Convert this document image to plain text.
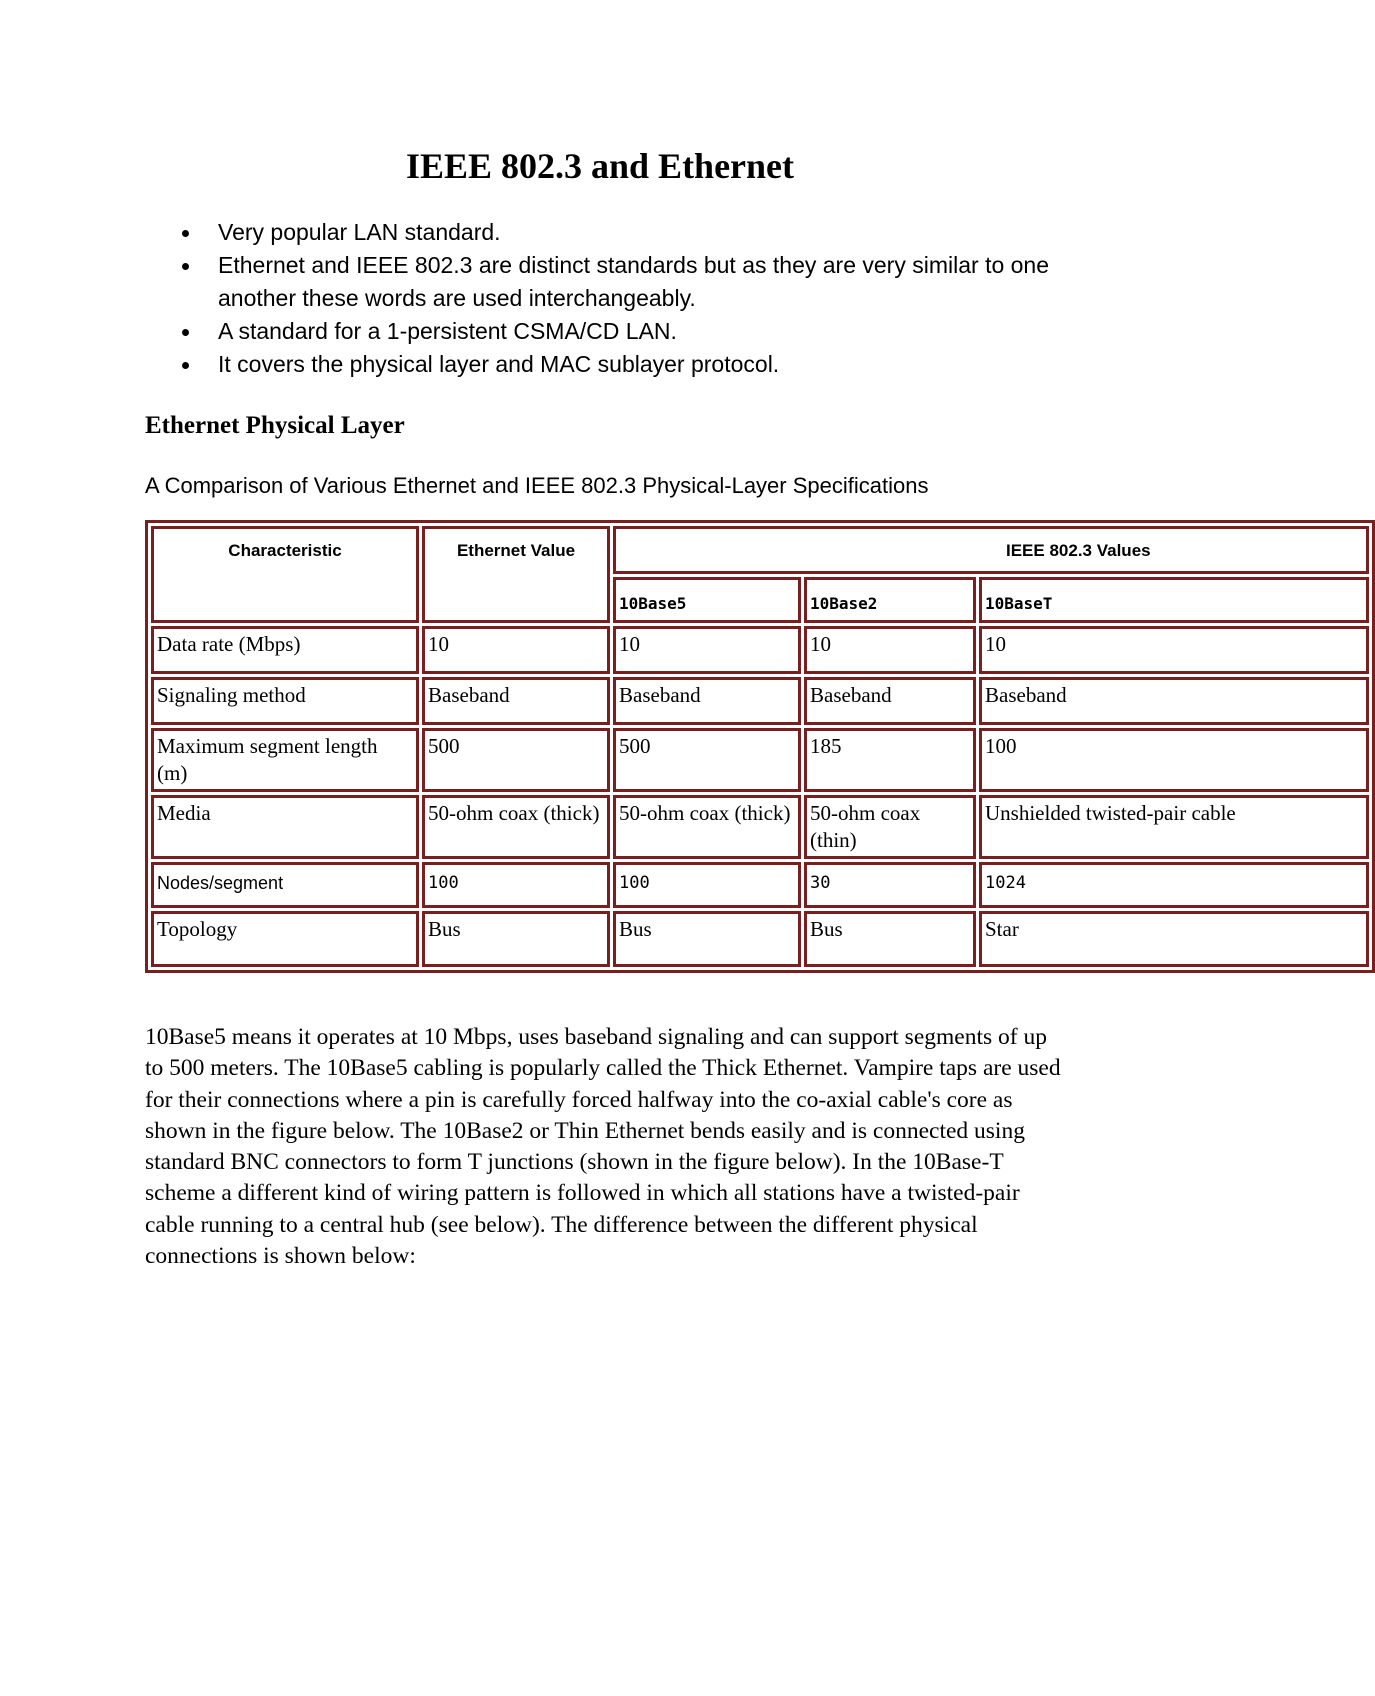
IEEE 802.3 and Ethernet
Very popular LAN standard.
Ethernet and IEEE 802.3 are distinct standards but as they are very similar to one another these words are used interchangeably.
A standard for a 1-persistent CSMA/CD LAN.
It covers the physical layer and MAC sublayer protocol.
Ethernet Physical Layer

A Comparison of Various Ethernet and IEEE 802.3 Physical-Layer Specifications

Characteristic	Ethernet Value	IEEE 802.3 Values		
		10Base5	10Base2	10BaseT
Data rate (Mbps)	10	10	10	10
Signaling method	Baseband	Baseband	Baseband	Baseband
Maximum segment length (m)	500	500	185	100
Media	50-ohm coax (thick)	50-ohm coax (thick)	50-ohm coax (thin)	Unshielded twisted-pair cable
Nodes/segment	100	100	30	1024
Topology	Bus	Bus	Bus	Star

10Base5 means it operates at 10 Mbps, uses baseband signaling and can support segments of up to 500 meters. The 10Base5 cabling is popularly called the Thick Ethernet. Vampire taps are used for their connections where a pin is carefully forced halfway into the co-axial cable's core as shown in the figure below. The 10Base2 or Thin Ethernet bends easily and is connected using standard BNC connectors to form T junctions (shown in the figure below). In the 10Base-T scheme a different kind of wiring pattern is followed in which all stations have a twisted-pair cable running to a central hub (see below). The difference between the different physical connections is shown below:
